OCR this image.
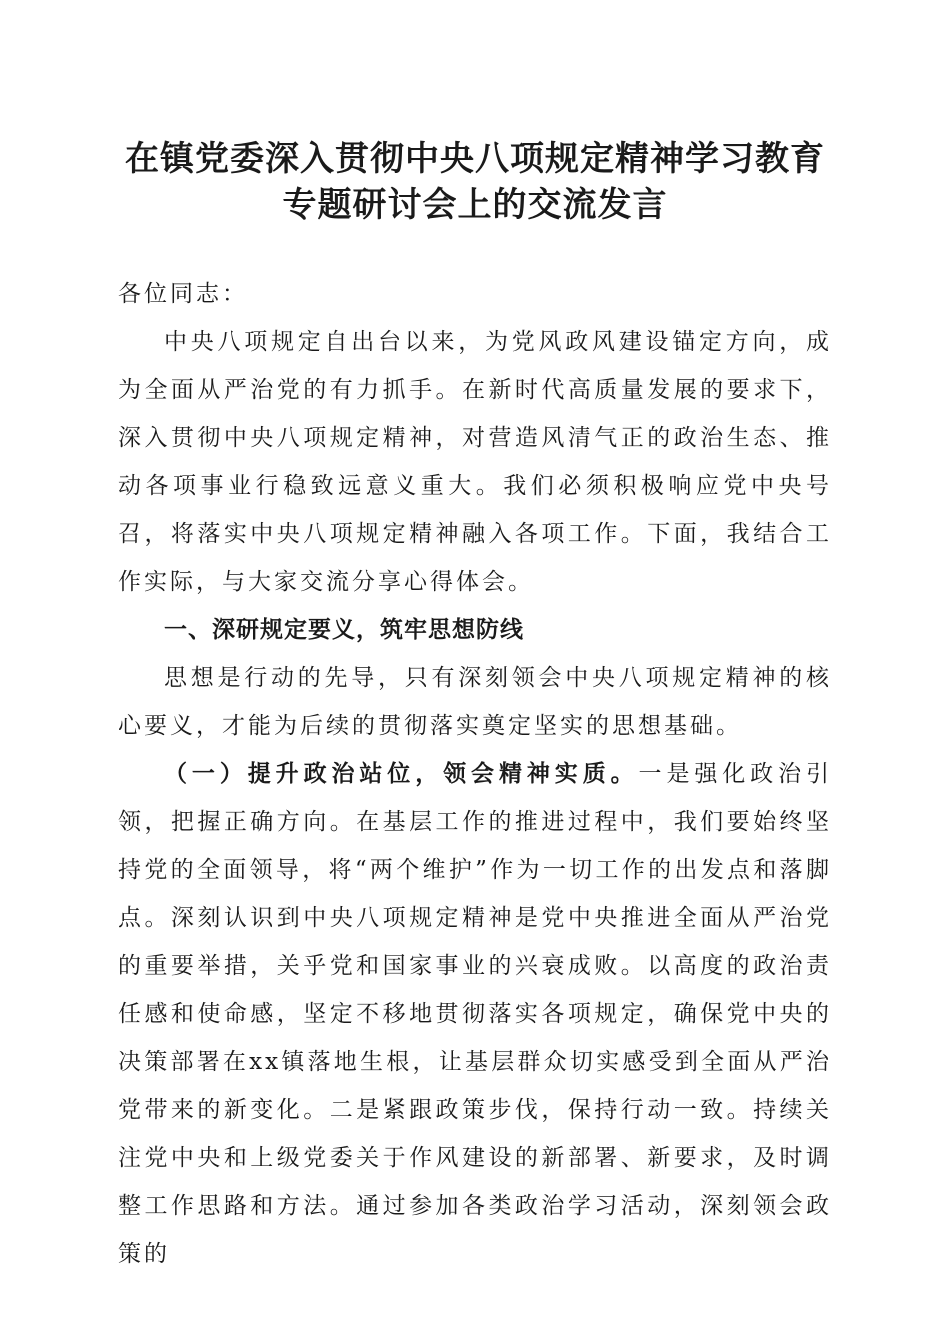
在镇党委深入贯彻中央八项规定精神学习教育
专题研讨会上的交流发言

各位同志：

中央八项规定自出台以来，为党风政风建设锚定方向，成为全面从严治党的有力抓手。在新时代高质量发展的要求下，深入贯彻中央八项规定精神，对营造风清气正的政治生态、推动各项事业行稳致远意义重大。我们必须积极响应党中央号召，将落实中央八项规定精神融入各项工作。下面，我结合工作实际，与大家交流分享心得体会。

一、深研规定要义，筑牢思想防线

思想是行动的先导，只有深刻领会中央八项规定精神的核心要义，才能为后续的贯彻落实奠定坚实的思想基础。

（一）提升政治站位，领会精神实质。一是强化政治引领，把握正确方向。在基层工作的推进过程中，我们要始终坚持党的全面领导，将“两个维护”作为一切工作的出发点和落脚点。深刻认识到中央八项规定精神是党中央推进全面从严治党的重要举措，关乎党和国家事业的兴衰成败。以高度的政治责任感和使命感，坚定不移地贯彻落实各项规定，确保党中央的决策部署在xx镇落地生根，让基层群众切实感受到全面从严治党带来的新变化。二是紧跟政策步伐，保持行动一致。持续关注党中央和上级党委关于作风建设的新部署、新要求，及时调整工作思路和方法。通过参加各类政治学习活动，深刻领会政策的
